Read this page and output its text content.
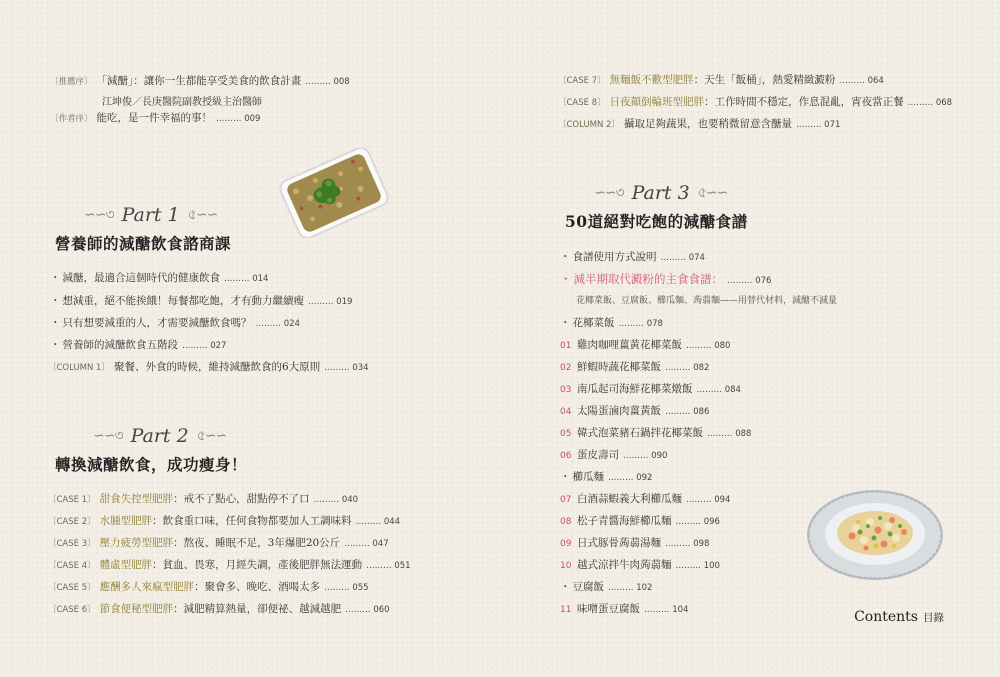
〔推薦序〕 「減醣」：讓你一生都能享受美食的飲食計畫 ……… 008
江坤俊／長庚醫院副教授級主治醫師
〔作者序〕 能吃，是一件幸福的事！ ……… 009
∽∽৩ Part 1 ৫∽∽
營養師的減醣飲食諮商課
・ 減醣，最適合這個時代的健康飲食 ……… 014
・ 想減重，絕不能挨餓！每餐都吃飽，才有動力繼續瘦 ……… 019
・ 只有想要減重的人，才需要減醣飲食嗎？ ……… 024
・ 營養師的減醣飲食五階段 ……… 027
〔COLUMN 1〕 聚餐、外食的時候，維持減醣飲食的6大原則 ……… 034
∽∽৩ Part 2 ৫∽∽
轉換減醣飲食，成功瘦身！
〔CASE 1〕 甜食失控型肥胖 ：戒不了點心，甜點停不了口 ……… 040
〔CASE 2〕 水腫型肥胖 ：飲食重口味，任何食物都要加人工調味料 ……… 044
〔CASE 3〕 壓力疲勞型肥胖 ：熬夜、睡眠不足，3年爆肥20公斤 ……… 047
〔CASE 4〕 體虛型肥胖 ：貧血、畏寒，月經失調，產後肥胖無法運動 ……… 051
〔CASE 5〕 應酬多人來瘋型肥胖 ：聚會多、晚吃、酒喝太多 ……… 055
〔CASE 6〕 節食便秘型肥胖 ：減肥精算熱量，卻便祕、越減越肥 ……… 060
〔CASE 7〕 無麵飯不歡型肥胖 ：天生「飯桶」，熱愛精緻澱粉 ……… 064
〔CASE 8〕 日夜顛倒輪班型肥胖 ：工作時間不穩定，作息混亂，宵夜當正餐 ……… 068
〔COLUMN 2〕 攝取足夠蔬果，也要稍微留意含醣量 ……… 071
∽∽৩ Part 3 ৫∽∽
50道絕對吃飽的減醣食譜
・ 食譜使用方式說明 ……… 074
・ 減半期取代澱粉的主食食譜： ……… 076
花椰菜飯、豆腐飯、櫛瓜麵、蒟蒻麵——用替代材料，減醣不減量
・ 花椰菜飯 ……… 078
01 雞肉咖哩薑黃花椰菜飯 ……… 080
02 鮮蝦時蔬花椰菜飯 ……… 082
03 南瓜起司海鮮花椰菜燉飯 ……… 084
04 太陽蛋滷肉薑黃飯 ……… 086
05 韓式泡菜豬石鍋拌花椰菜飯 ……… 088
06 蛋皮壽司 ……… 090
・ 櫛瓜麵 ……… 092
07 白酒蒜蝦義大利櫛瓜麵 ……… 094
08 松子青醬海鮮櫛瓜麵 ……… 096
09 日式豚骨蒟蒻湯麵 ……… 098
10 越式涼拌牛肉蒟蒻麵 ……… 100
・ 豆腐飯 ……… 102
11 味噌蛋豆腐飯 ……… 104	Contents 目錄
